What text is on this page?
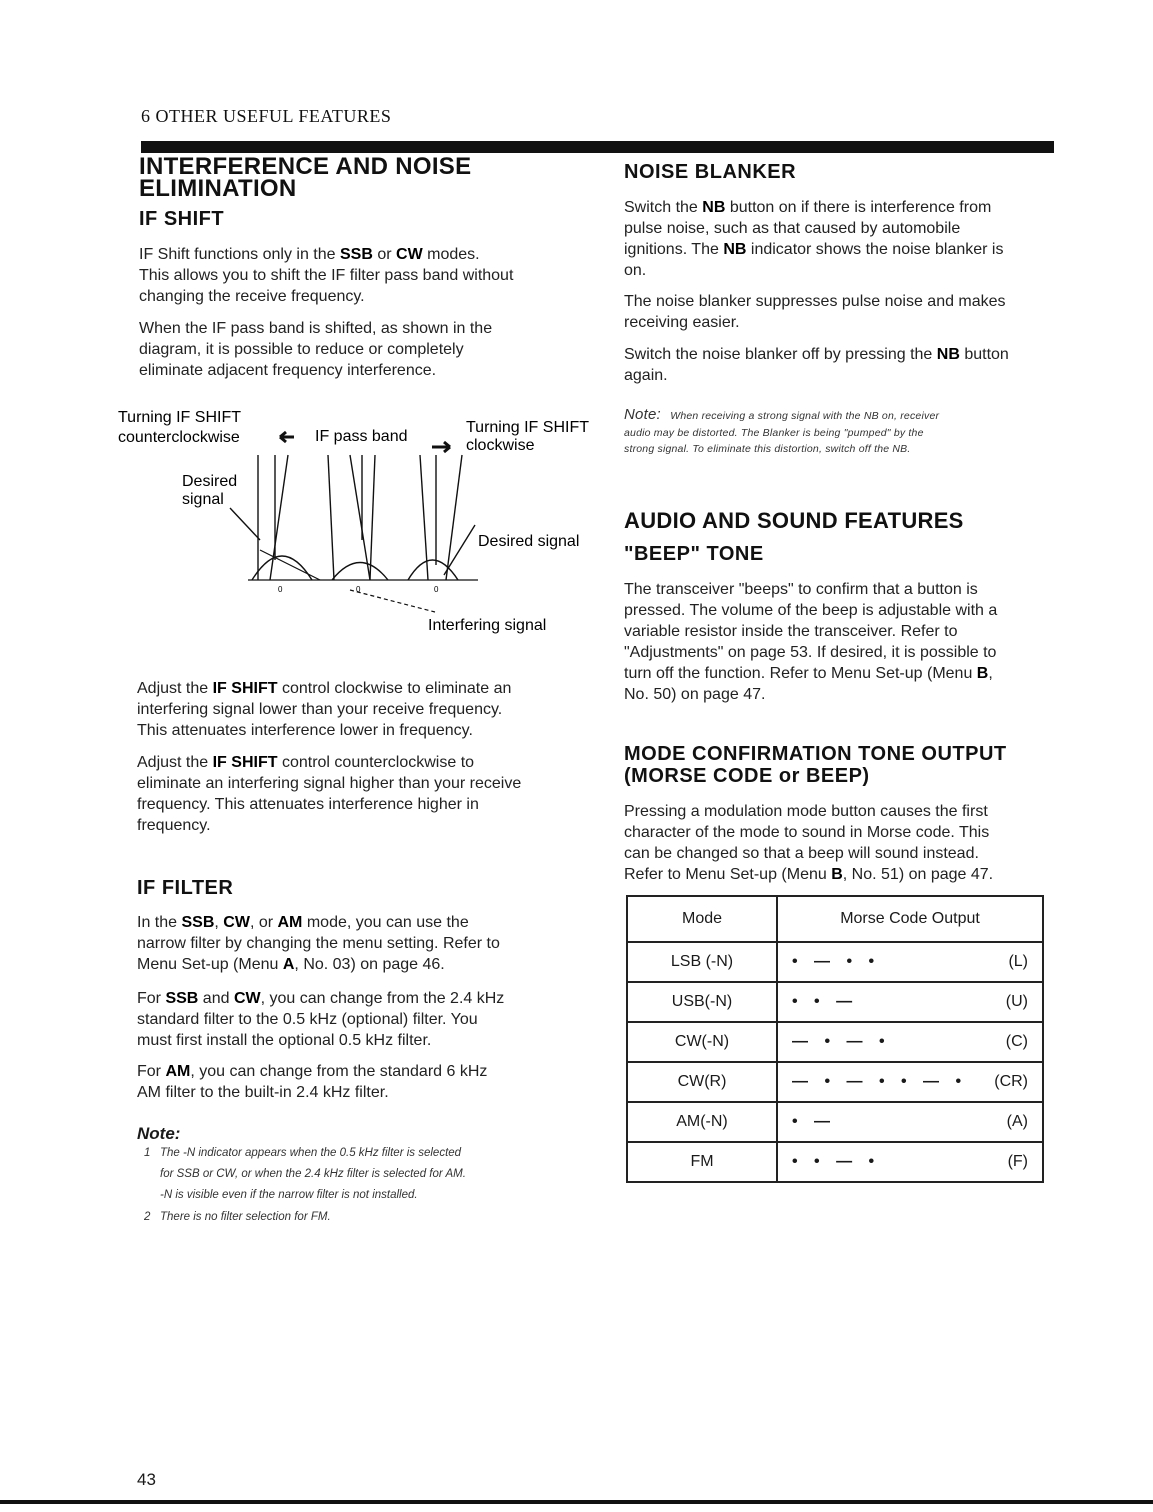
6 OTHER USEFUL FEATURES
INTERFERENCE AND NOISE
ELIMINATION
IF SHIFT

IF Shift functions only in the SSB or CW modes.

This allows you to shift the IF filter pass band without

changing the receive frequency.

When the IF pass band is shifted, as shown in the

diagram, it is possible to reduce or completely

eliminate adjacent frequency interference.

Turning IF SHIFT
counterclockwise	IF pass band
Turning IF SHIFT
clockwise
Desired
signal
Desired signal
Interfering signal
0	0	0

Adjust the IF SHIFT control clockwise to eliminate an

interfering signal lower than your receive frequency.

This attenuates interference lower in frequency.

Adjust the IF SHIFT control counterclockwise to

eliminate an interfering signal higher than your receive

frequency. This attenuates interference higher in

frequency.

IF FILTER

In the SSB, CW, or AM mode, you can use the

narrow filter by changing the menu setting. Refer to

Menu Set-up (Menu A, No. 03) on page 46.

For SSB and CW, you can change from the 2.4 kHz

standard filter to the 0.5 kHz (optional) filter. You

must first install the optional 0.5 kHz filter.

For AM, you can change from the standard 6 kHz

AM filter to the built-in 2.4 kHz filter.

Note:
1 The -N indicator appears when the 0.5 kHz filter is selected
for SSB or CW, or when the 2.4 kHz filter is selected for AM.
-N is visible even if the narrow filter is not installed.
2 There is no filter selection for FM.
NOISE BLANKER

Switch the NB button on if there is interference from

pulse noise, such as that caused by automobile

ignitions. The NB indicator shows the noise blanker is

on.

The noise blanker suppresses pulse noise and makes

receiving easier.

Switch the noise blanker off by pressing the NB button

again.

Note: When receiving a strong signal with the NB on, receiver
audio may be distorted. The Blanker is being "pumped" by the
strong signal. To eliminate this distortion, switch off the NB.
AUDIO AND SOUND FEATURES
"BEEP" TONE

The transceiver "beeps" to confirm that a button is

pressed. The volume of the beep is adjustable with a

variable resistor inside the transceiver. Refer to

"Adjustments" on page 53. If desired, it is possible to

turn off the function. Refer to Menu Set-up (Menu B,

No. 50) on page 47.

MODE CONFIRMATION TONE OUTPUT
(MORSE CODE or BEEP)

Pressing a modulation mode button causes the first

character of the mode to sound in Morse code. This

can be changed so that a beep will sound instead.

Refer to Menu Set-up (Menu B, No. 51) on page 47.

Mode	Morse Code Output
LSB (-N)	• — • • (L)

USB(-N)	• • — (U)

CW(-N)	— • — • (C)

CW(R)	— • — • • — • (CR)

AM(-N)	• — (A)

FM	• • — • (F)
43
